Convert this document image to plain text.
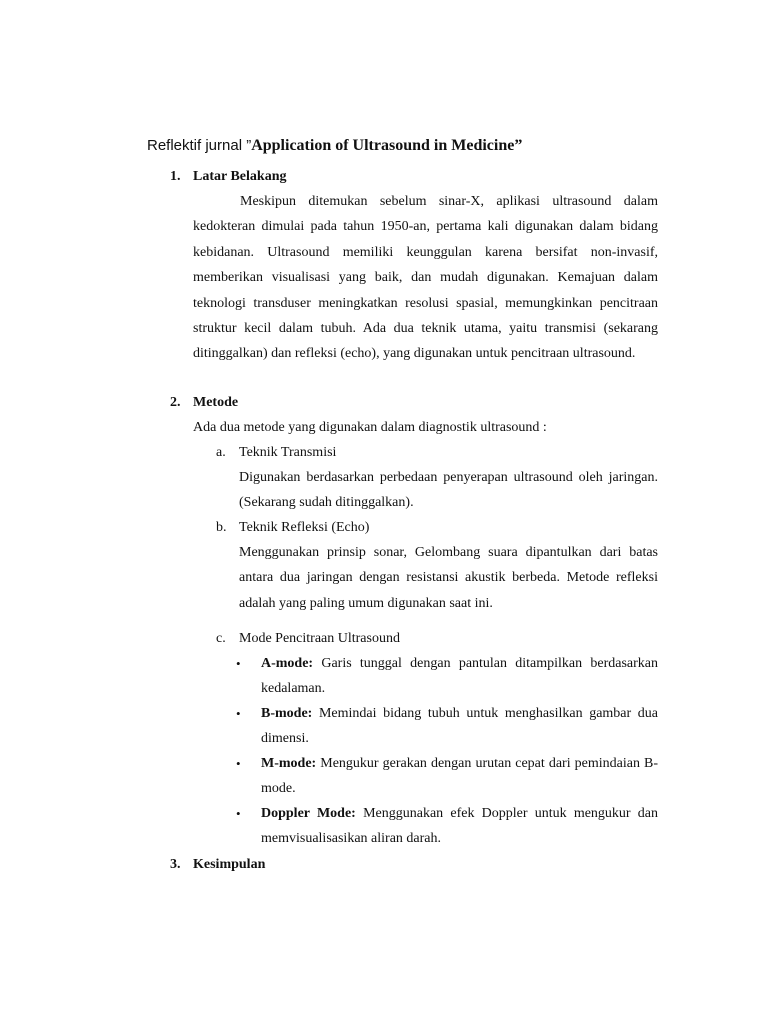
Reflektif jurnal ”Application of Ultrasound in Medicine”
1. Latar Belakang
Meskipun ditemukan sebelum sinar-X, aplikasi ultrasound dalam kedokteran dimulai pada tahun 1950-an, pertama kali digunakan dalam bidang kebidanan. Ultrasound memiliki keunggulan karena bersifat non-invasif, memberikan visualisasi yang baik, dan mudah digunakan. Kemajuan dalam teknologi transduser meningkatkan resolusi spasial, memungkinkan pencitraan struktur kecil dalam tubuh. Ada dua teknik utama, yaitu transmisi (sekarang ditinggalkan) dan refleksi (echo), yang digunakan untuk pencitraan ultrasound.
2. Metode
Ada dua metode yang digunakan dalam diagnostik ultrasound :
a. Teknik Transmisi
Digunakan berdasarkan perbedaan penyerapan ultrasound oleh jaringan. (Sekarang sudah ditinggalkan).
b. Teknik Refleksi (Echo)
Menggunakan prinsip sonar, Gelombang suara dipantulkan dari batas antara dua jaringan dengan resistansi akustik berbeda. Metode refleksi adalah yang paling umum digunakan saat ini.
c. Mode Pencitraan Ultrasound
• A-mode: Garis tunggal dengan pantulan ditampilkan berdasarkan kedalaman.
• B-mode: Memindai bidang tubuh untuk menghasilkan gambar dua dimensi.
• M-mode: Mengukur gerakan dengan urutan cepat dari pemindaian B-mode.
• Doppler Mode: Menggunakan efek Doppler untuk mengukur dan memvisualisasikan aliran darah.
3. Kesimpulan
